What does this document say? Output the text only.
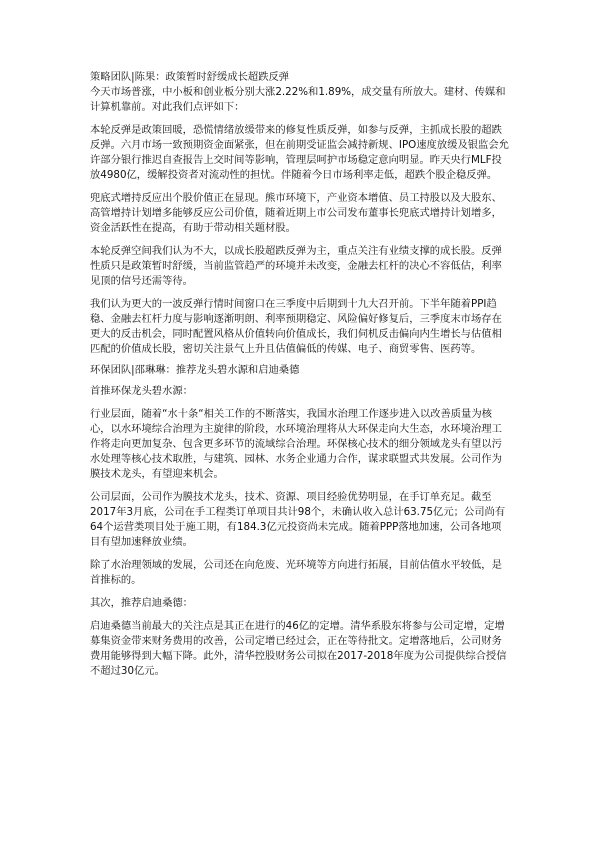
策略团队|陈果：政策暂时舒缓成长超跌反弹

今天市场普涨，中小板和创业板分别大涨2.22%和1.89%，成交量有所放大。建材、传媒和计算机靠前。对此我们点评如下：

本轮反弹是政策回暖，恐慌情绪放缓带来的修复性质反弹，如参与反弹，主抓成长股的超跌反弹。六月市场一致预期资金面紧张，但在前期受证监会减持新规、IPO速度放缓及银监会允许部分银行推迟自查报告上交时间等影响，管理层呵护市场稳定意向明显。昨天央行MLF投放4980亿，缓解投资者对流动性的担忧。伴随着今日市场利率走低，超跌个股企稳反弹。

兜底式增持反应出个股价值正在显现。熊市环境下，产业资本增值、员工持股以及大股东、高管增持计划增多能够反应公司价值，随着近期上市公司发布董事长兜底式增持计划增多，资金活跃性在提高，有助于带动相关题材股。

本轮反弹空间我们认为不大，以成长股超跌反弹为主，重点关注有业绩支撑的成长股。反弹性质只是政策暂时舒缓，当前监管趋严的环境并未改变，金融去杠杆的决心不容低估，利率见顶的信号还需等待。

我们认为更大的一波反弹行情时间窗口在三季度中后期到十九大召开前。下半年随着PPI趋稳、金融去杠杆力度与影响逐渐明朗、利率预期稳定、风险偏好修复后，三季度末市场存在更大的反击机会，同时配置风格从价值转向价值成长，我们伺机反击偏向内生增长与估值相匹配的价值成长股，密切关注景气上升且估值偏低的传媒、电子、商贸零售、医药等。

环保团队|邵琳琳：推荐龙头碧水源和启迪桑德

首推环保龙头碧水源：

行业层面，随着“水十条“相关工作的不断落实，我国水治理工作逐步进入以改善质量为核心，以水环境综合治理为主旋律的阶段，水环境治理将从大环保走向大生态，水环境治理工作将走向更加复杂、包含更多环节的流域综合治理。环保核心技术的细分领域龙头有望以污水处理等核心技术取胜，与建筑、园林、水务企业通力合作，谋求联盟式共发展。公司作为膜技术龙头，有望迎来机会。

公司层面，公司作为膜技术龙头，技术、资源、项目经验优势明显，在手订单充足。截至2017年3月底，公司在手工程类订单项目共计98个，未确认收入总计63.75亿元；公司尚有64个运营类项目处于施工期，有184.3亿元投资尚未完成。随着PPP落地加速，公司各地项目有望加速释放业绩。

除了水治理领域的发展，公司还在向危废、光环境等方向进行拓展，目前估值水平较低，是首推标的。

其次，推荐启迪桑德：

启迪桑德当前最大的关注点是其正在进行的46亿的定增。清华系股东将参与公司定增，定增募集资金带来财务费用的改善，公司定增已经过会，正在等待批文。定增落地后，公司财务费用能够得到大幅下降。此外，清华控股财务公司拟在2017-2018年度为公司提供综合授信不超过30亿元。
